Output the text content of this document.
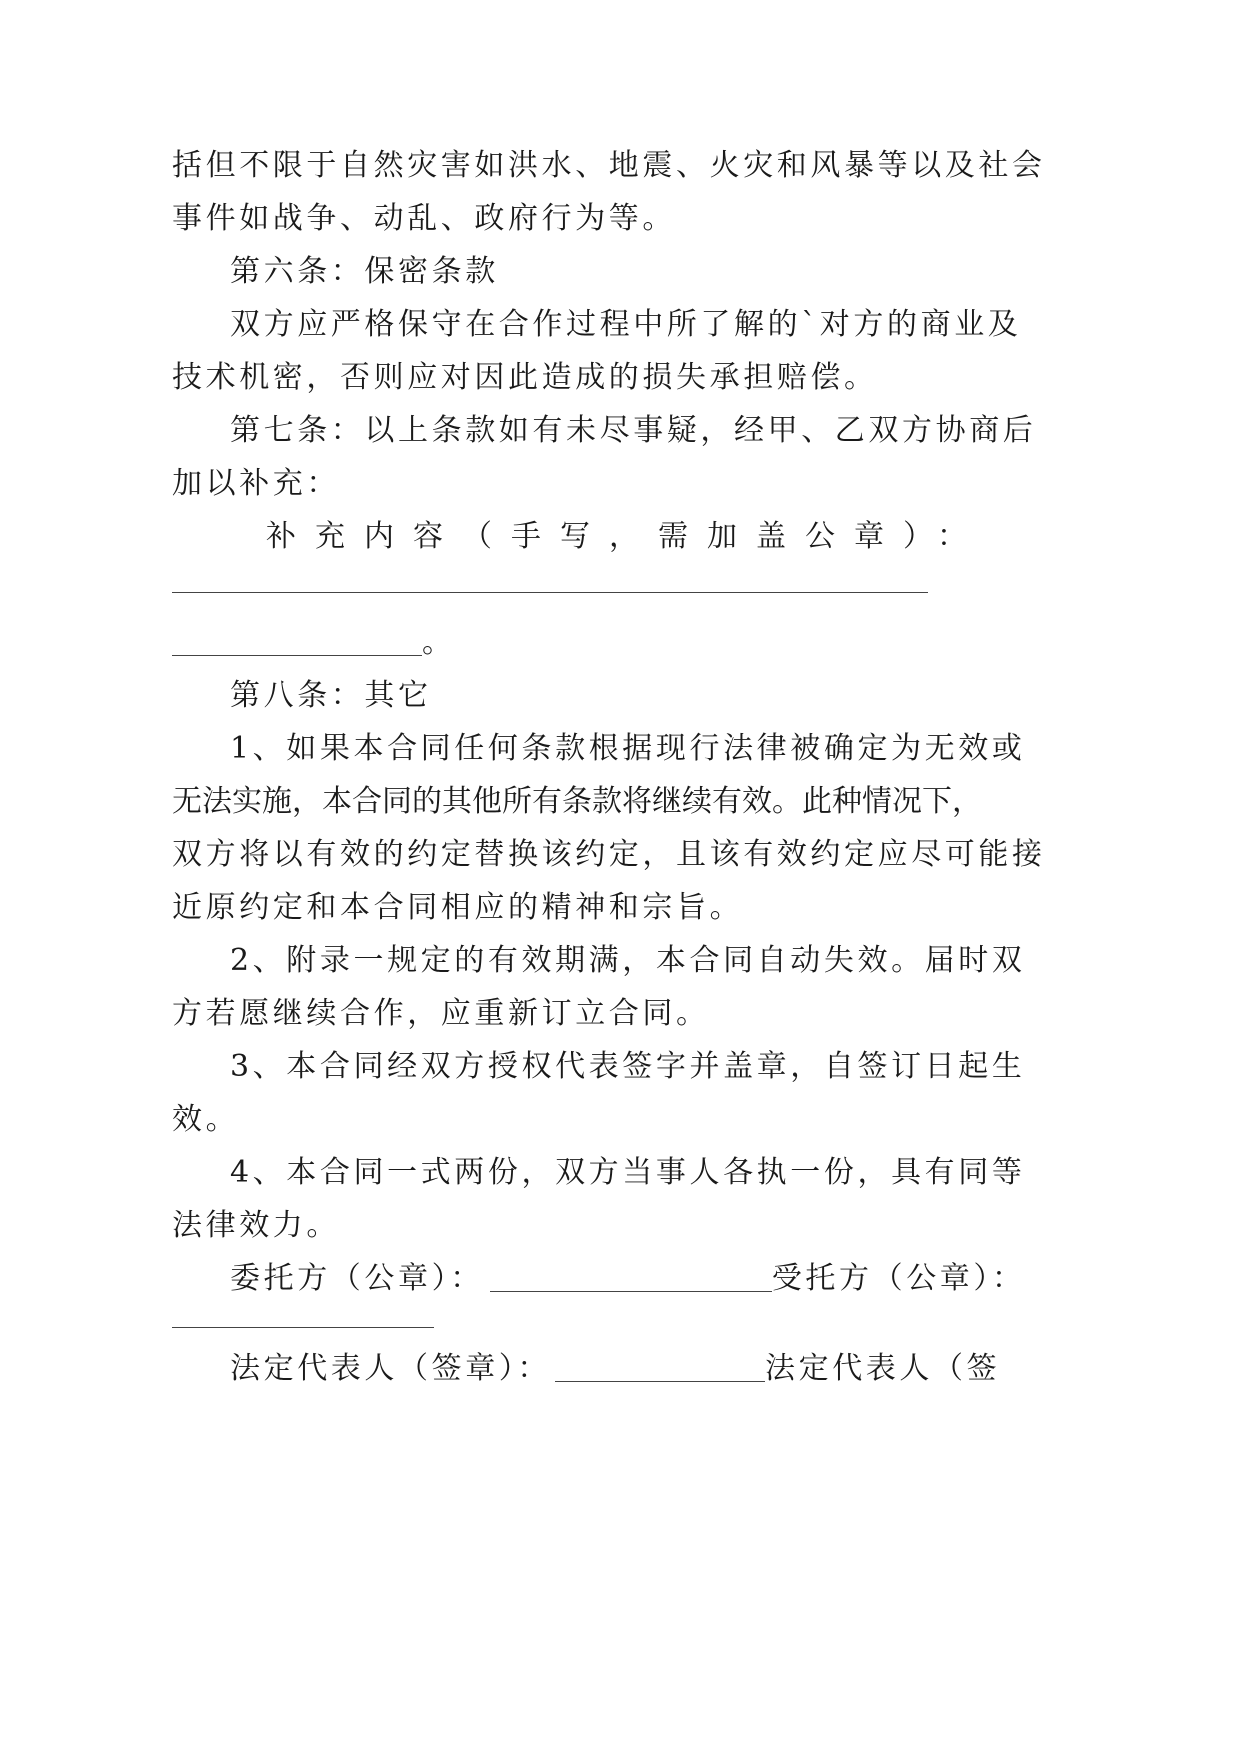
括但不限于自然灾害如洪水、地震、火灾和风暴等以及社会
事件如战争、动乱、政府行为等。
第六条：保密条款
双方应严格保守在合作过程中所了解的`对方的商业及
技术机密，否则应对因此造成的损失承担赔偿。
第七条：以上条款如有未尽事疑，经甲、乙双方协商后
加以补充：
补充内容（手写，需加盖公章）：
。
第八条：其它
1、如果本合同任何条款根据现行法律被确定为无效或
无法实施，本合同的其他所有条款将继续有效。此种情况下，
双方将以有效的约定替换该约定，且该有效约定应尽可能接
近原约定和本合同相应的精神和宗旨。
2、附录一规定的有效期满，本合同自动失效。届时双
方若愿继续合作，应重新订立合同。
3、本合同经双方授权代表签字并盖章，自签订日起生
效。
4、本合同一式两份，双方当事人各执一份，具有同等
法律效力。
委托方（公章）：	受托方（公章）：
法定代表人（签章）：	法定代表人（签
